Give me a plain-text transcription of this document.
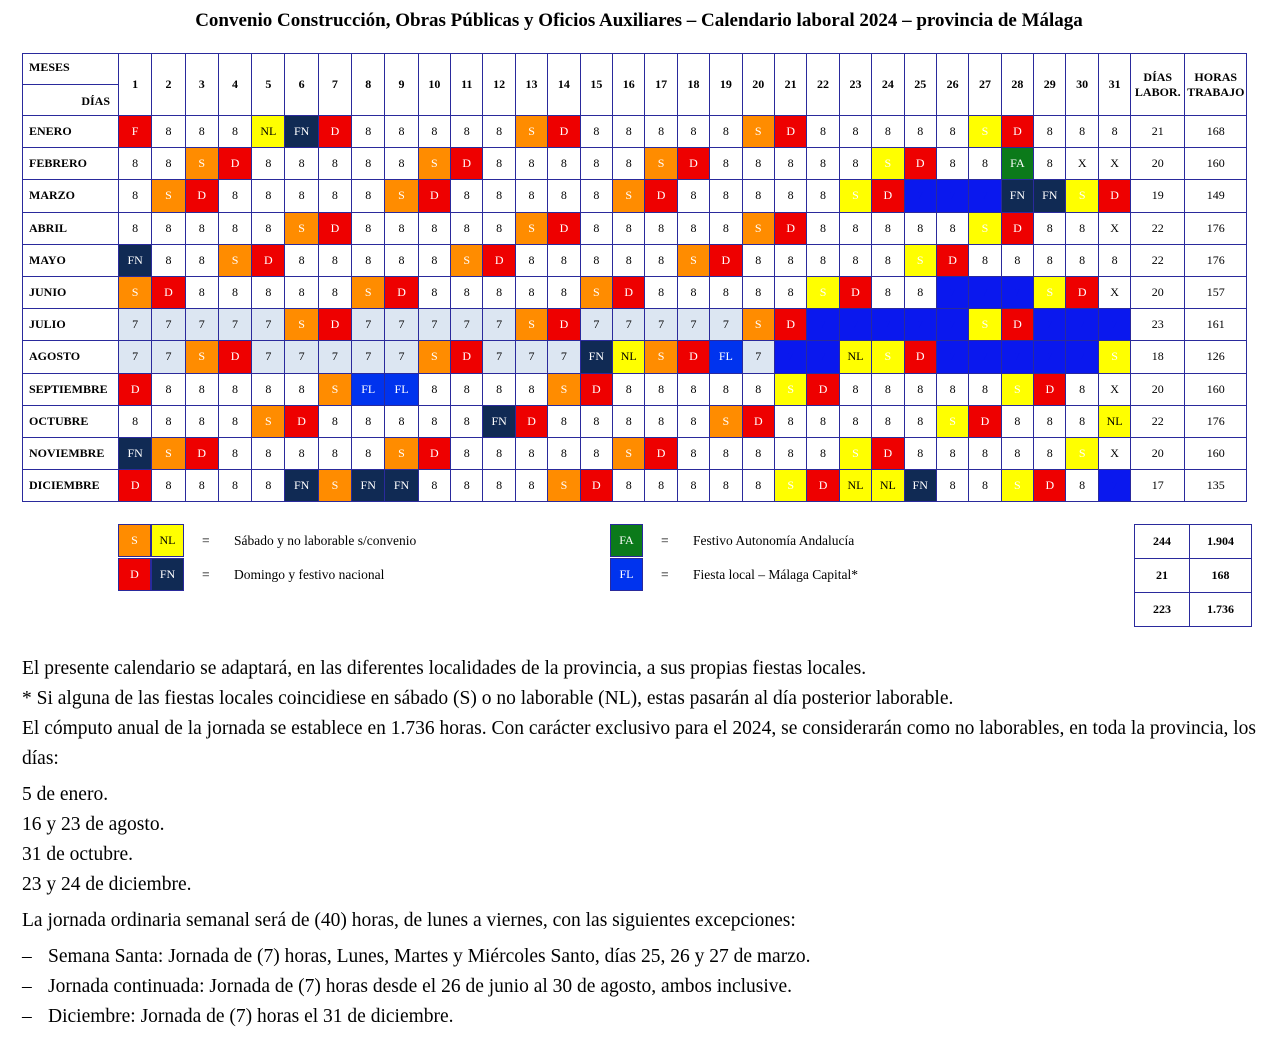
Convenio Construcción, Obras Públicas y Oficios Auxiliares – Calendario laboral 2024 – provincia de Málaga
MESES
DÍAS	1	2	3	4	5	6	7	8	9	10	11	12	13	14	15	16	17	18	19	20	21	22	23	24	25	26	27	28	29	30	31	DÍAS LABOR.	HORAS TRABAJO
ENERO	F	8	8	8	NL	FN	D	8	8	8	8	8	S	D	8	8	8	8	8	S	D	8	8	8	8	8	S	D	8	8	8	21	168
FEBRERO	8	8	S	D	8	8	8	8	8	S	D	8	8	8	8	8	S	D	8	8	8	8	8	S	D	8	8	FA	8	X	X	20	160
MARZO	8	S	D	8	8	8	8	8	S	D	8	8	8	8	8	S	D	8	8	8	8	8	S	D	7	7	7	FN	FN	S	D	19	149
ABRIL	8	8	8	8	8	S	D	8	8	8	8	8	S	D	8	8	8	8	8	S	D	8	8	8	8	8	S	D	8	8	X	22	176
MAYO	FN	8	8	S	D	8	8	8	8	8	S	D	8	8	8	8	8	S	D	8	8	8	8	8	S	D	8	8	8	8	8	22	176
JUNIO	S	D	8	8	8	8	8	S	D	8	8	8	8	8	S	D	8	8	8	8	8	S	D	8	8	7	7	7	S	D	X	20	157
JULIO	7	7	7	7	7	S	D	7	7	7	7	7	S	D	7	7	7	7	7	S	D	7	7	7	7	7	S	D	7	7	7	23	161
AGOSTO	7	7	S	D	7	7	7	7	7	S	D	7	7	7	FN	NL	S	D	FL	7	7	7	NL	S	D	7	7	7	7	7	S	18	126
SEPTIEMBRE	D	8	8	8	8	8	S	FL	FL	8	8	8	8	S	D	8	8	8	8	8	S	D	8	8	8	8	8	S	D	8	X	20	160
OCTUBRE	8	8	8	8	S	D	8	8	8	8	8	FN	D	8	8	8	8	8	S	D	8	8	8	8	8	S	D	8	8	8	NL	22	176
NOVIEMBRE	FN	S	D	8	8	8	8	8	S	D	8	8	8	8	8	S	D	8	8	8	8	8	S	D	8	8	8	8	8	S	X	20	160
DICIEMBRE	D	8	8	8	8	FN	S	FN	FN	8	8	8	8	S	D	8	8	8	8	8	S	D	NL	NL	FN	8	8	S	D	8	7	17	135
S	NL	= Sábado y no laborable s/convenio	FA	= Festivo Autonomía Andalucía
D	FN	= Domingo y festivo nacional	FL	= Fiesta local – Málaga Capital*
244	1.904
21	168
223	1.736

El presente calendario se adaptará, en las diferentes localidades de la provincia, a sus propias fiestas locales.

* Si alguna de las fiestas locales coincidiese en sábado (S) o no laborable (NL), estas pasarán al día posterior laborable.

El cómputo anual de la jornada se establece en 1.736 horas. Con carácter exclusivo para el 2024, se considerarán como no laborables, en toda la provincia, los días:

5 de enero.

16 y 23 de agosto.

31 de octubre.

23 y 24 de diciembre.

La jornada ordinaria semanal será de (40) horas, de lunes a viernes, con las siguientes excepciones:

– Semana Santa: Jornada de (7) horas, Lunes, Martes y Miércoles Santo, días 25, 26 y 27 de marzo.

– Jornada continuada: Jornada de (7) horas desde el 26 de junio al 30 de agosto, ambos inclusive.

– Diciembre: Jornada de (7) horas el 31 de diciembre.
